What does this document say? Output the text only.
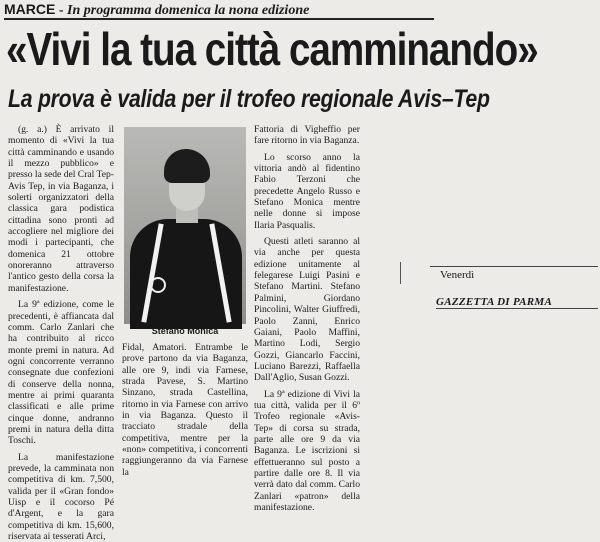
MARCE - In programma domenica la nona edizione
«Vivi la tua città camminando»
La prova è valida per il trofeo regionale Avis–Tep

(g. a.) È arrivato il momento di «Vivi la tua città camminando e usando il mezzo pubblico» e presso la sede del Cral Tep-Avis Tep, in via Baganza, i solerti organizzatori della classica gara podistica cittadina sono pronti ad accogliere nel migliore dei modi i partecipanti, che domenica 21 ottobre onoreranno attraverso l'antico gesto della corsa la manifestazione.

La 9ª edizione, come le precedenti, è affiancata dal comm. Carlo Zanlari che ha contribuito al ricco monte premi in natura. Ad ogni concorrente verranno consegnate due confezioni di conserve della nonna, mentre ai primi quaranta classificati e alle prime cinque donne, andranno premi in natura della ditta Toschi.

La manifestazione prevede, la camminata non competitiva di km. 7,500, valida per il «Gran fondo» Uisp e il cocorso Pé d'Argent, e la gara competitiva di km. 15,600, riservata ai tesserati Arci,

Stefano Monica

Fidal, Amatori. Entrambe le prove partono da via Baganza, alle ore 9, indi via Farnese, strada Pavese, S. Martino Sinzano, strada Castellina, ritorno in via Farnese con arrivo in via Baganza. Questo il tracciato stradale della competitiva, mentre per la «non» competitiva, i concorrenti raggiungeranno da via Farnese la

Fattoria di Vigheffio per fare ritorno in via Baganza.

Lo scorso anno la vittoria andò al fidentino Fabio Terzoni che precedette Angelo Russo e Stefano Monica mentre nelle donne si impose Ilaria Pasqualis.

Questi atleti saranno al via anche per questa edizione unitamente al felegarese Luigi Pasini e Stefano Martini. Stefano Palmini, Giordano Pincolini, Walter Giuffredi, Paolo Zanni, Enrico Gaiani, Paolo Maffini, Martino Lodi, Sergio Gozzi, Giancarlo Faccini, Luciano Barezzi, Raffaella Dall'Aglio, Susan Gozzi.

La 9ª edizione di Vivi la tua città, valida per il 6º Trofeo regionale «Avis-Tep» di corsa su strada, parte alle ore 9 da via Baganza. Le iscrizioni si effettueranno sul posto a partire dalle ore 8. Il via verrà dato dal comm. Carlo Zanlari «patron» della manifestazione.

Venerdì
GAZZETTA DI PARMA
